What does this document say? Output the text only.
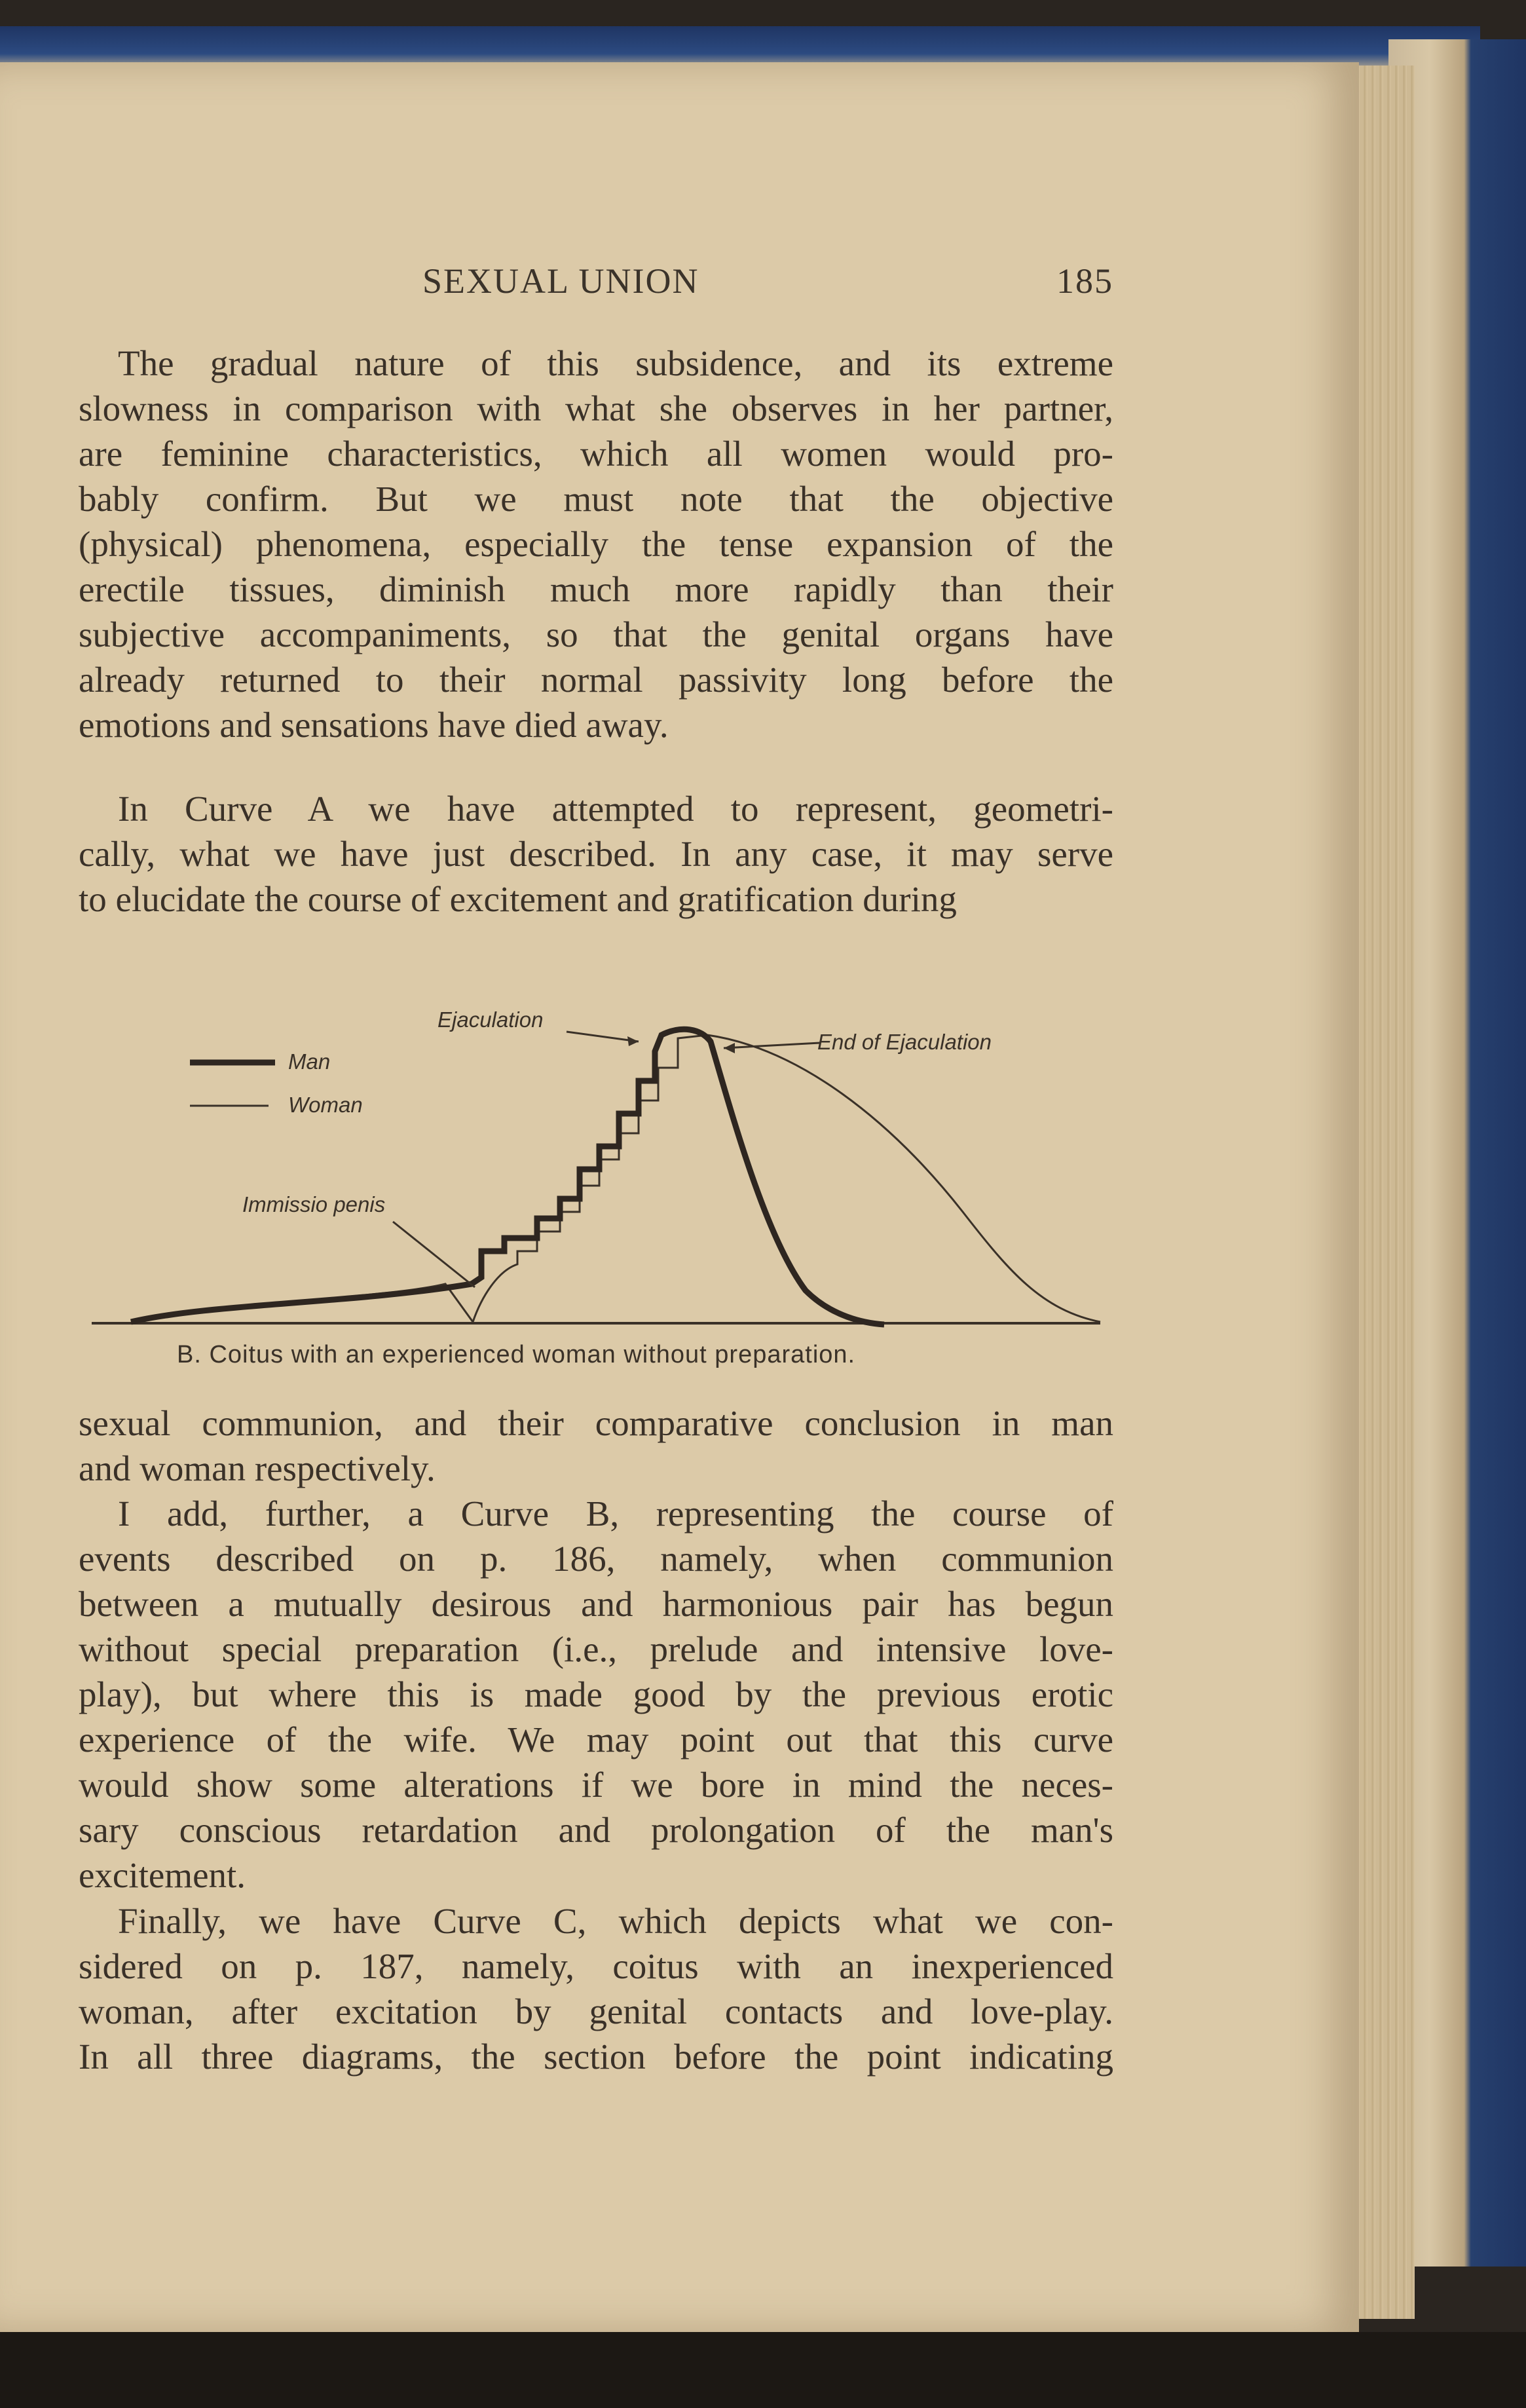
SEXUAL UNION	185
The gradual nature of this subsidence, and its extreme
slowness in comparison with what she observes in her partner,
are feminine characteristics, which all women would pro-
bably confirm. But we must note that the objective
(physical) phenomena, especially the tense expansion of the
erectile tissues, diminish much more rapidly than their
subjective accompaniments, so that the genital organs have
already returned to their normal passivity long before the
emotions and sensations have died away.
In Curve A we have attempted to represent, geometri-
cally, what we have just described. In any case, it may serve
to elucidate the course of excitement and gratification during
Man
Woman
Ejaculation
End of Ejaculation
Immissio penis
B. Coitus with an experienced woman without preparation.
sexual communion, and their comparative conclusion in man
and woman respectively.
I add, further, a Curve B, representing the course of
events described on p. 186, namely, when communion
between a mutually desirous and harmonious pair has begun
without special preparation (i.e., prelude and intensive love-
play), but where this is made good by the previous erotic
experience of the wife. We may point out that this curve
would show some alterations if we bore in mind the neces-
sary conscious retardation and prolongation of the man's
excitement.
Finally, we have Curve C, which depicts what we con-
sidered on p. 187, namely, coitus with an inexperienced
woman, after excitation by genital contacts and love-play.
In all three diagrams, the section before the point indicating
